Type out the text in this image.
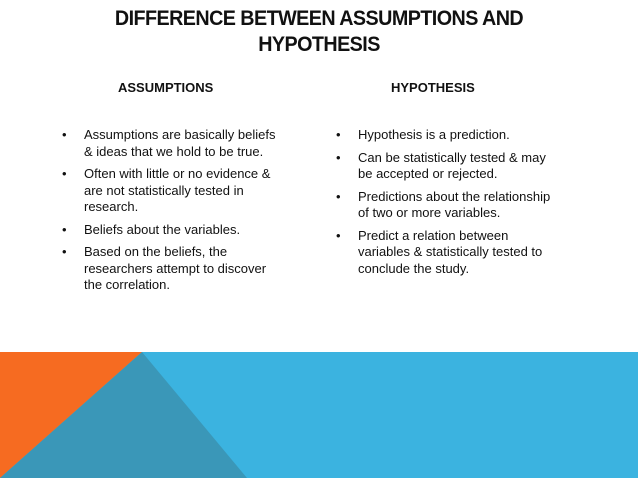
DIFFERENCE BETWEEN ASSUMPTIONS AND HYPOTHESIS
ASSUMPTIONS	HYPOTHESIS
• Assumptions are basically beliefs & ideas that we hold to be true.
• Often with little or no evidence & are not statistically tested in research.
• Beliefs about the variables.
• Based on the beliefs, the researchers attempt to discover the correlation.
• Hypothesis is a prediction.
• Can be statistically tested & may be accepted or rejected.
• Predictions about the relationship of two or more variables.
• Predict a relation between variables & statistically tested to conclude the study.
